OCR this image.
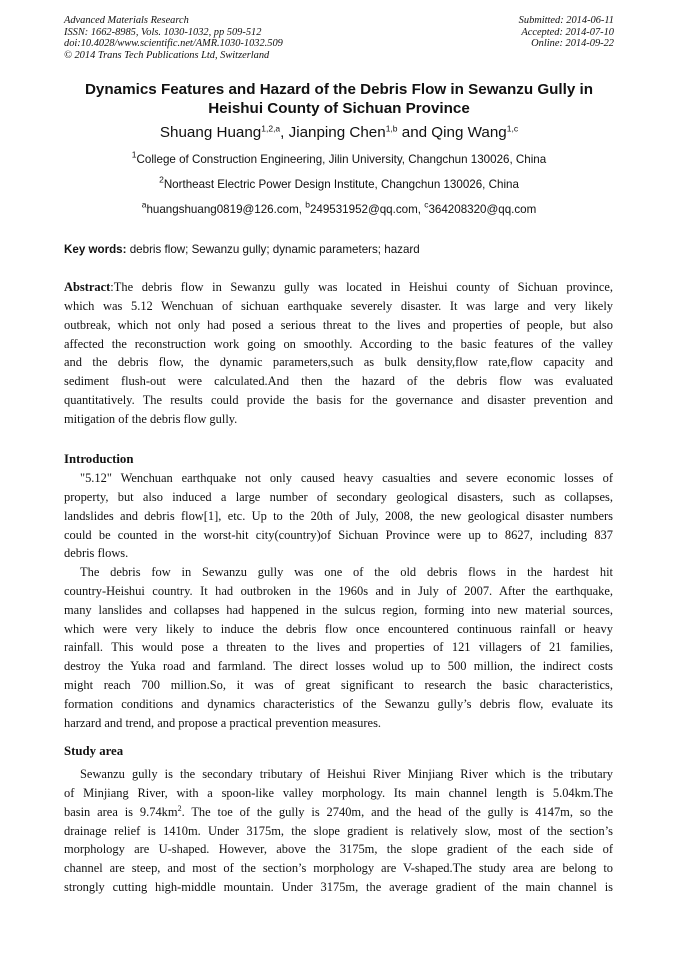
Advanced Materials Research
ISSN: 1662-8985, Vols. 1030-1032, pp 509-512
doi:10.4028/www.scientific.net/AMR.1030-1032.509
© 2014 Trans Tech Publications Ltd, Switzerland
Submitted: 2014-06-11
Accepted: 2014-07-10
Online: 2014-09-22
Dynamics Features and Hazard of the Debris Flow in Sewanzu Gully in
Heishui County of Sichuan Province
Shuang Huang$^{1,2,a}$, Jianping Chen$^{1,b}$ and Qing Wang$^{1,c}$
$^1$College of Construction Engineering, Jilin University, Changchun 130026, China
$^2$Northeast Electric Power Design Institute, Changchun 130026, China
$^a$huangshuang0819@126.com, $^b$249531952@qq.com, $^c$364208320@qq.com
Key words: debris flow; Sewanzu gully; dynamic parameters; hazard
Abstract:The debris flow in Sewanzu gully was located in Heishui county of Sichuan province,
which was 5.12 Wenchuan of sichuan earthquake severely disaster. It was large and very likely
outbreak, which not only had posed a serious threat to the lives and properties of people, but also
affected the reconstruction work going on smoothly. According to the basic features of the valley
and the debris flow, the dynamic parameters,such as bulk density,flow rate,flow capacity and
sediment flush-out were calculated.And then the hazard of the debris flow was evaluated
quantitatively. The results could provide the basis for the governance and disaster prevention and
mitigation of the debris flow gully.
Introduction
"5.12" Wenchuan earthquake not only caused heavy casualties and severe economic losses of
property, but also induced a large number of secondary geological disasters, such as collapses,
landslides and debris flow[1], etc. Up to the 20th of July, 2008, the new geological disaster numbers
could be counted in the worst-hit city(country)of Sichuan Province were up to 8627, including 837
debris flows.
The debris fow in Sewanzu gully was one of the old debris flows in the hardest hit
country-Heishui country. It had outbroken in the 1960s and in July of 2007. After the earthquake,
many lanslides and collapses had happened in the sulcus region, forming into new material sources,
which were very likely to induce the debris flow once encountered continuous rainfall or heavy
rainfall. This would pose a threaten to the lives and properties of 121 villagers of 21 families,
destroy the Yuka road and farmland. The direct losses wolud up to 500 million, the indirect costs
might reach 700 million.So, it was of great significant to research the basic characteristics,
formation conditions and dynamics characteristics of the Sewanzu gully’s debris flow, evaluate its
harzard and trend, and propose a practical prevention measures.
Study area
Sewanzu gully is the secondary tributary of Heishui River Minjiang River which is the tributary
of Minjiang River, with a spoon-like valley morphology. Its main channel length is 5.04km.The
basin area is $9.74km^2$. The toe of the gully is 2740m, and the head of the gully is 4147m, so the
drainage relief is 1410m. Under 3175m, the slope gradient is relatively slow, most of the section’s
morphology are U-shaped. However, above the 3175m, the slope gradient of the each side of
channel are steep, and most of the section’s morphology are V-shaped.The study area are belong to
strongly cutting high-middle mountain. Under 3175m, the average gradient of the main channel is
